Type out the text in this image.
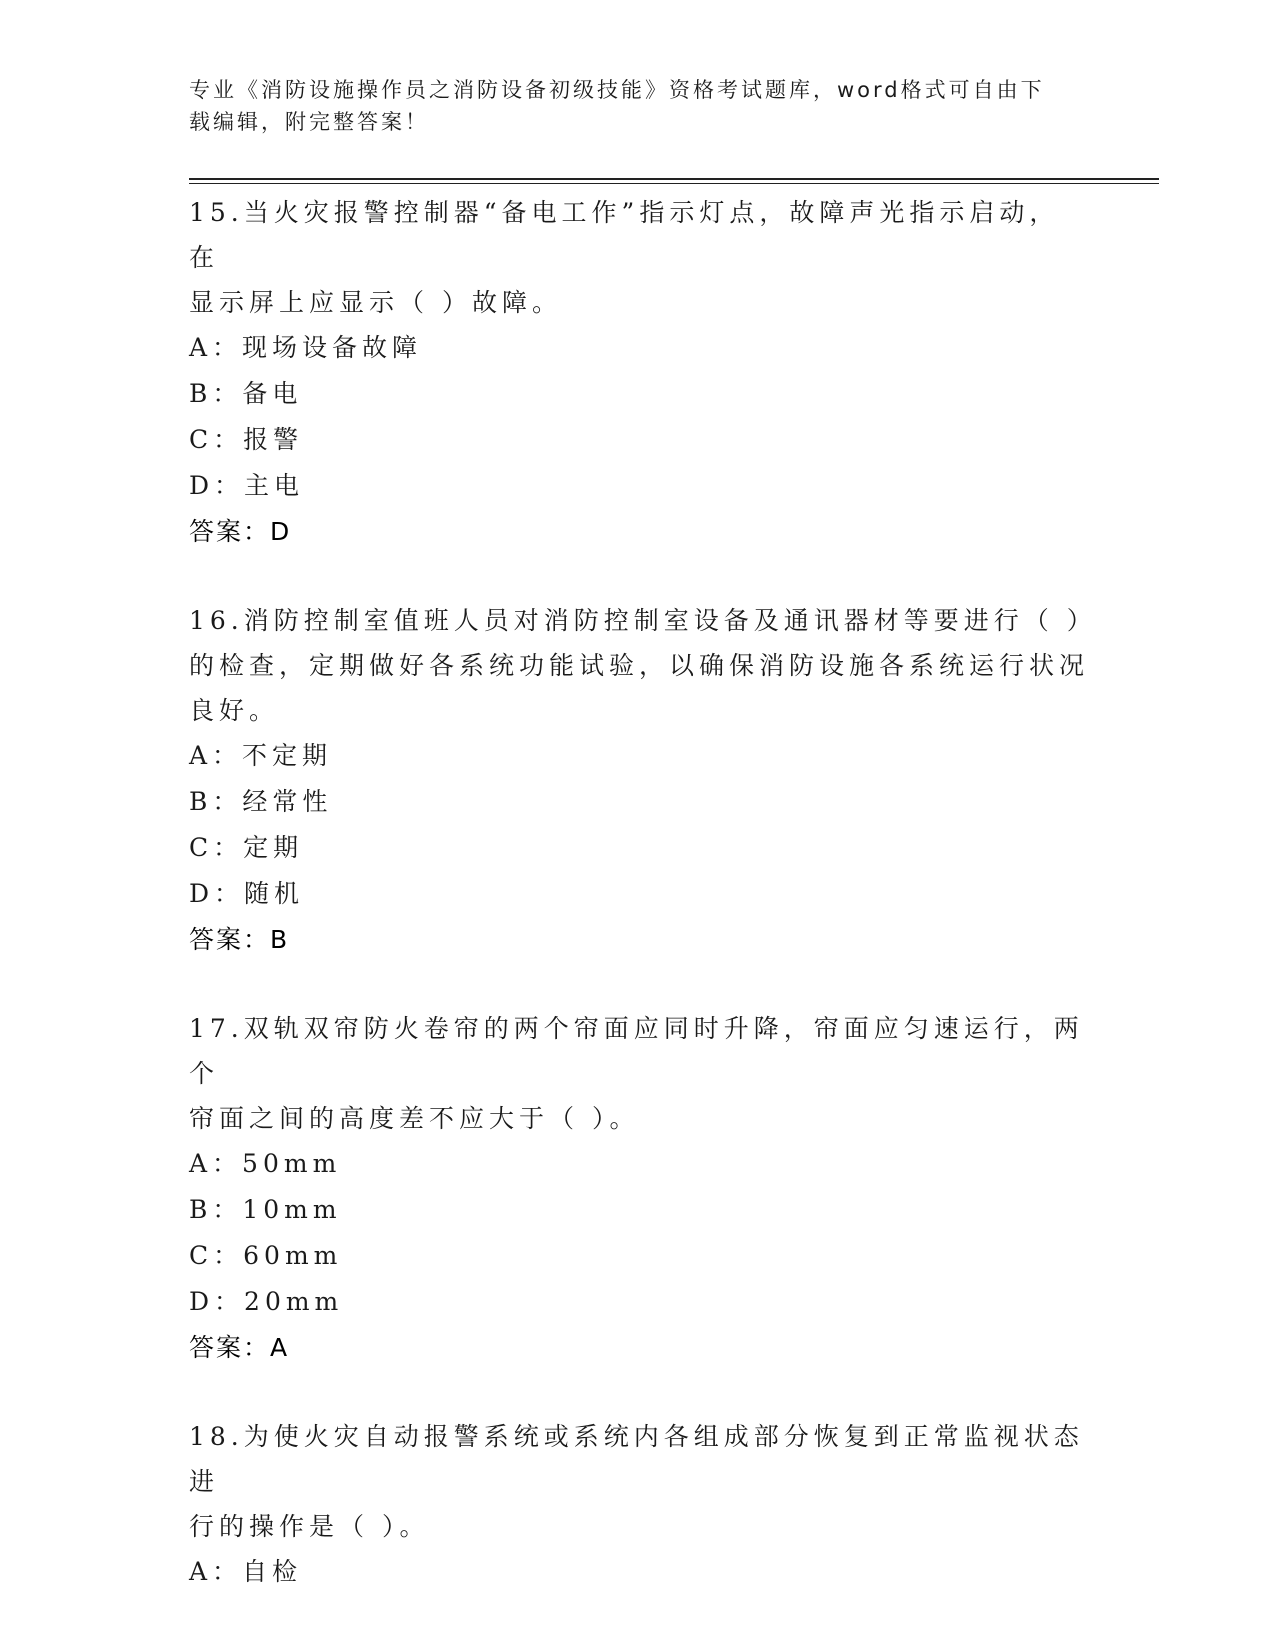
专业《消防设施操作员之消防设备初级技能》资格考试题库，word格式可自由下
载编辑，附完整答案！
15.当火灾报警控制器“备电工作”指示灯点，故障声光指示启动，在
显示屏上应显示（ ）故障。
A：现场设备故障
B：备电
C：报警
D：主电
答案：D
16.消防控制室值班人员对消防控制室设备及通讯器材等要进行（ ）
的检查，定期做好各系统功能试验，以确保消防设施各系统运行状况
良好。
A：不定期
B：经常性
C：定期
D：随机
答案：B
17.双轨双帘防火卷帘的两个帘面应同时升降，帘面应匀速运行，两个
帘面之间的高度差不应大于（ ）。
A：50mm
B：10mm
C：60mm
D：20mm
答案：A
18.为使火灾自动报警系统或系统内各组成部分恢复到正常监视状态进
行的操作是（ ）。
A：自检
